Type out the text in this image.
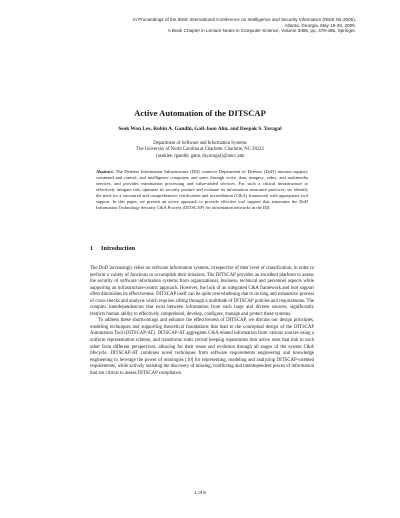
In Proceedings of the IEEE International Conference on Intelligence and Security Informatics (IEEE ISI-2005),
Atlanta, Georgia, May 19-20, 2005.
A Book Chapter in Lecture Notes in Computer Science, Volume 3495, pp. 479-485, Springer.
Active Automation of the DITSCAP
Seok Won Lee, Robin A. Gandhi, Gail-Joon Ahn, and Deepak S. Yavagal
Department of Software and Information Systems
The University of North Carolina at Charlotte, Charlotte, NC 28223
{seoklee, rgandhi, gahn, dsyavagal}@uncc.edu
Abstract. The Defense Information Infrastructure (DII) connects Department of Defense (DoD) mission support, command and control, and intelligence computers and users through voice, data, imagery, video, and multimedia services, and provides information processing and value-added services. For such a critical infrastructure to effectively mitigate risk, optimize its security posture and evaluate its information assurance practices, we identify the need for a structured and comprehensive certification and accreditation (C&A) framework with appropriate tool support. In this paper, we present an active approach to provide effective tool support that automates the DoD Information Technology Security C&A Process (DITSCAP) for information networks in the DII.
1 Introduction

The DoD increasingly relies on software information systems, irrespective of their level of classification, in order to perform a variety of functions to accomplish their missions. The DITSCAP provides an excellent platform to assess the security of software information systems from organizational, business, technical and personnel aspects while supporting an infrastructure-centric approach. However, the lack of an integrated C&A framework and tool support often diminishes its effectiveness. DITSCAP itself can be quite overwhelming due to its long and exhaustive process of cross-checks and analysis which requires sifting through a multitude of DITSCAP policies and requirements. The complex interdependencies that exist between information from such large and diverse sources, significantly restricts human ability to effectively comprehend, develop, configure, manage and protect these systems.

To address these shortcomings and enhance the effectiveness of DITSCAP, we discuss our design principles, modeling techniques and supporting theoretical foundations that lead to the conceptual design of the DITSCAP Automation Tool (DITSCAP-AT). DITSCAP-AT aggregates C&A related information from various sources using a uniform representation scheme, and transforms static record keeping repositories into active ones that link to each other from different perspectives, allowing for their reuse and evolution through all stages of the system C&A lifecycle. DITSCAP-AT combines novel techniques from software requirements engineering and knowledge engineering to leverage the power of ontologies [10] for representing, modeling and analyzing DITSCAP-oriented requirements, while actively assisting the discovery of missing, conflicting and interdependent pieces of information that are critical to assess DITSCAP compliance.

1 of 6
